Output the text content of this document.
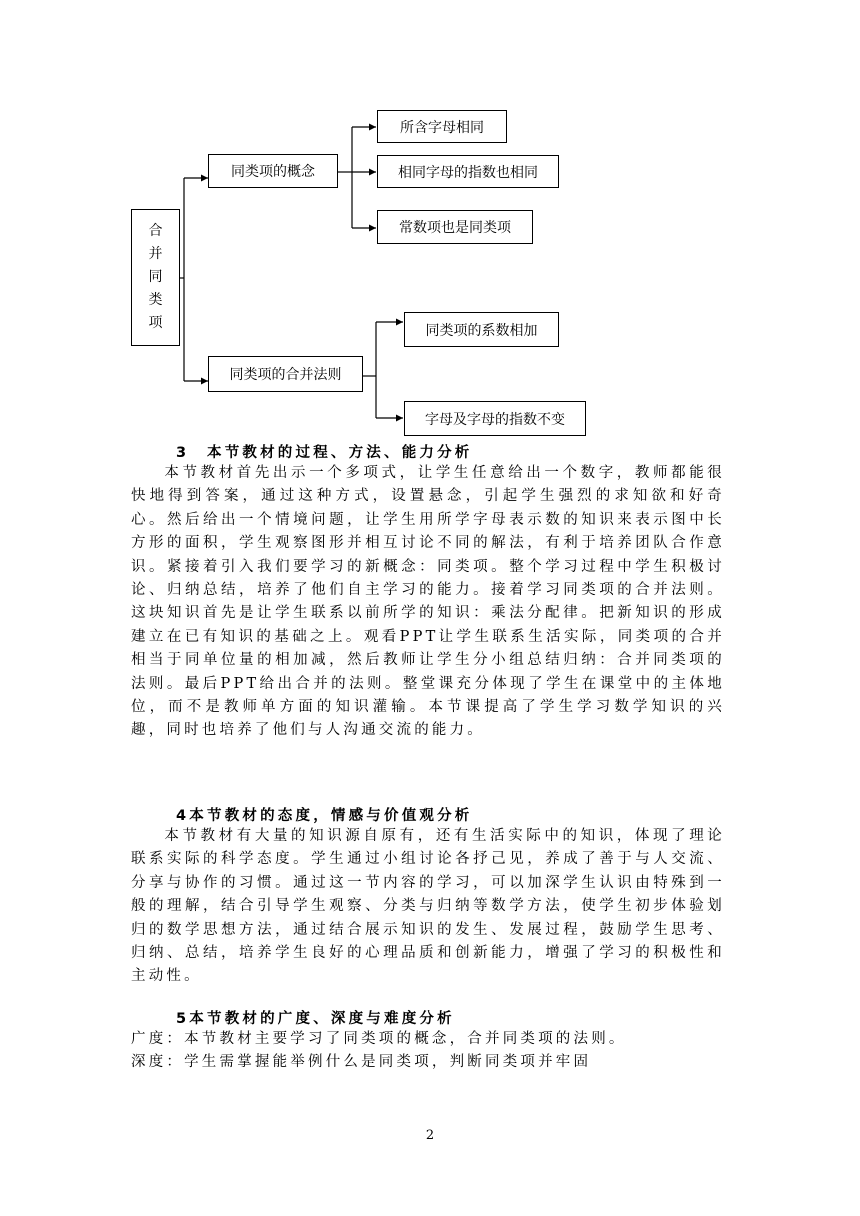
合
并
同
类
项
同类项的概念
所含字母相同
相同字母的指数也相同
常数项也是同类项
同类项的合并法则
同类项的系数相加
字母及字母的指数不变
3　本节教材的过程、方法、能力分析

本节教材首先出示一个多项式，让学生任意给出一个数字，教师都能很快地得到答案，通过这种方式，设置悬念，引起学生强烈的求知欲和好奇心。然后给出一个情境问题，让学生用所学字母表示数的知识来表示图中长方形的面积，学生观察图形并相互讨论不同的解法，有利于培养团队合作意识。紧接着引入我们要学习的新概念：同类项。整个学习过程中学生积极讨论、归纳总结，培养了他们自主学习的能力。接着学习同类项的合并法则。这块知识首先是让学生联系以前所学的知识：乘法分配律。把新知识的形成建立在已有知识的基础之上。观看PPT让学生联系生活实际，同类项的合并相当于同单位量的相加减，然后教师让学生分小组总结归纳：合并同类项的法则。最后PPT给出合并的法则。整堂课充分体现了学生在课堂中的主体地位，而不是教师单方面的知识灌输。本节课提高了学生学习数学知识的兴趣，同时也培养了他们与人沟通交流的能力。

4本节教材的态度，情感与价值观分析

本节教材有大量的知识源自原有，还有生活实际中的知识，体现了理论联系实际的科学态度。学生通过小组讨论各抒己见，养成了善于与人交流、分享与协作的习惯。通过这一节内容的学习，可以加深学生认识由特殊到一般的理解，结合引导学生观察、分类与归纳等数学方法，使学生初步体验划归的数学思想方法，通过结合展示知识的发生、发展过程，鼓励学生思考、归纳、总结，培养学生良好的心理品质和创新能力，增强了学习的积极性和主动性。

5本节教材的广度、深度与难度分析

广度：本节教材主要学习了同类项的概念，合并同类项的法则。

深度：学生需掌握能举例什么是同类项，判断同类项并牢固

2
